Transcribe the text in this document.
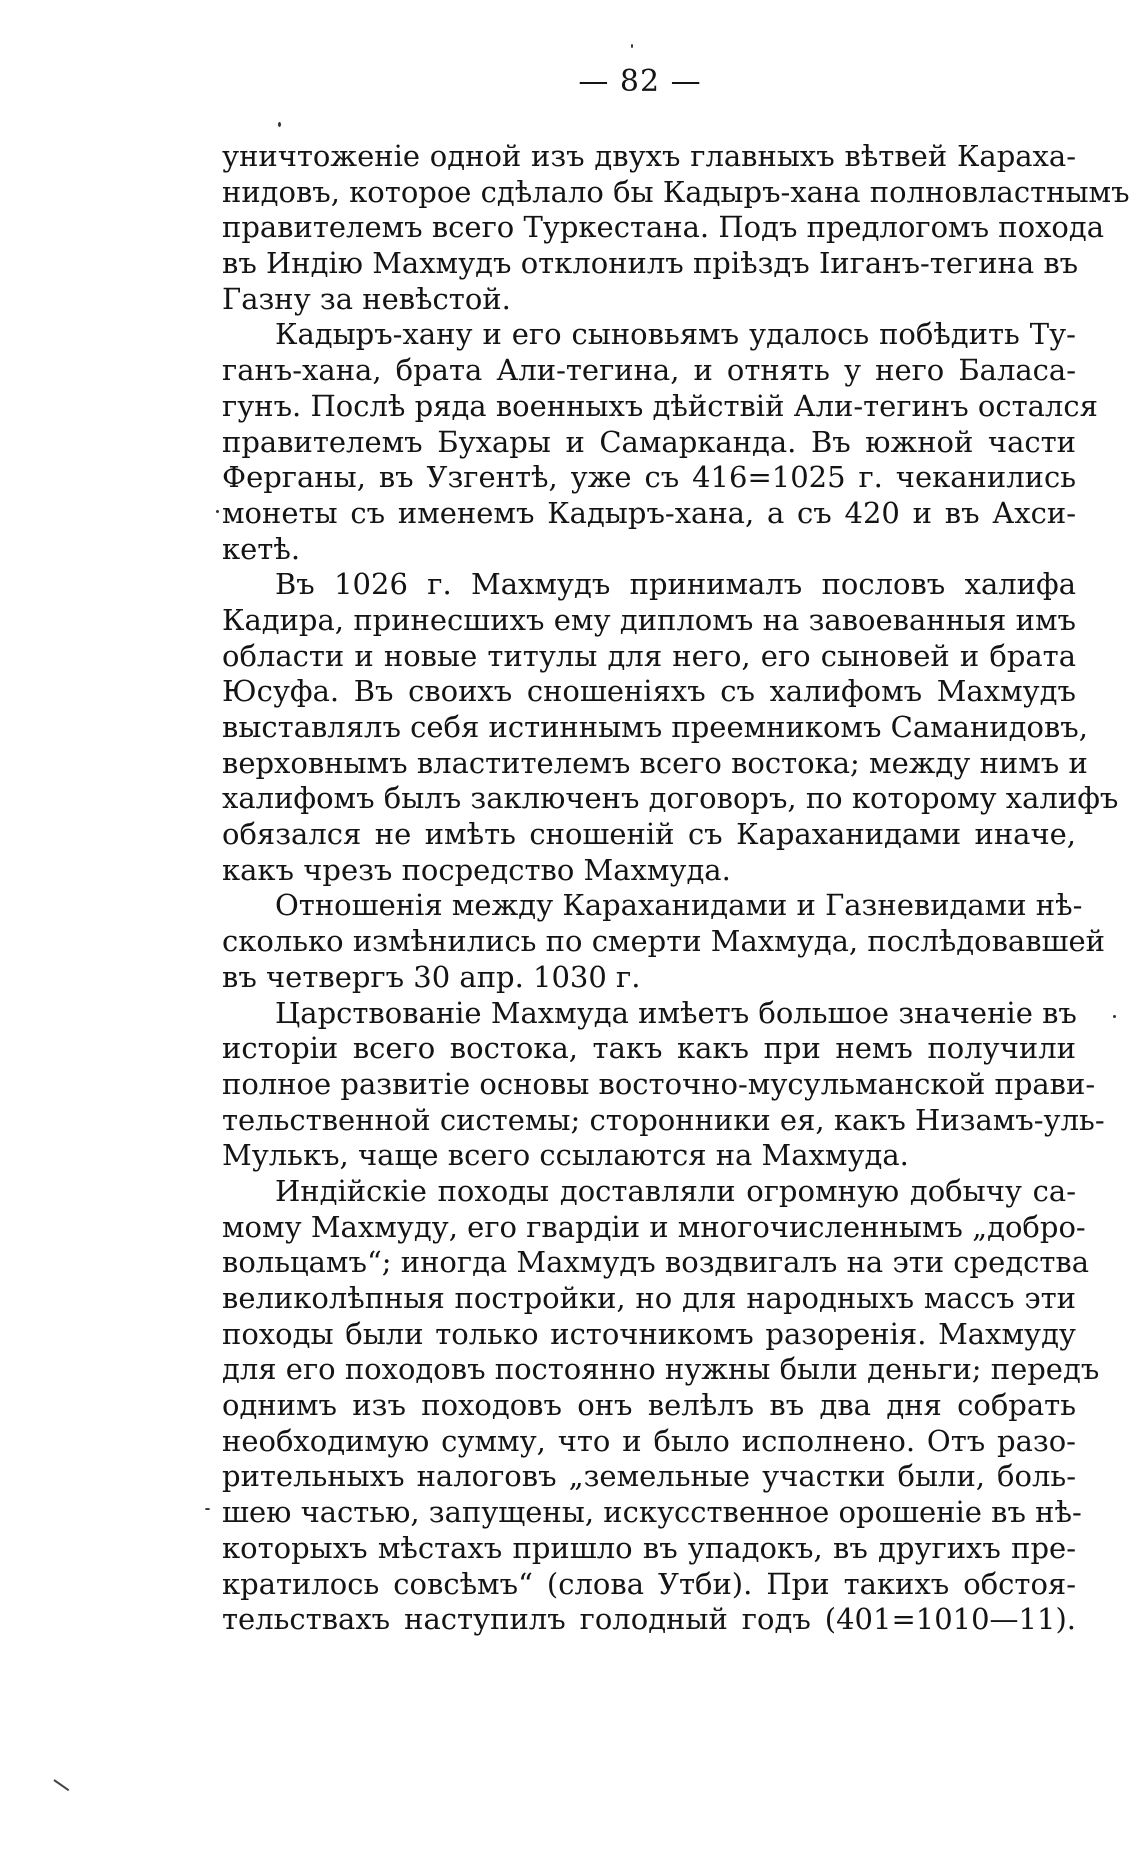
— 82 —
уничтоженіе одной изъ двухъ главныхъ вѣтвей Караха-
нидовъ, которое сдѣлало бы Кадыръ-хана полновластнымъ
правителемъ всего Туркестана. Подъ предлогомъ похода
въ Индію Махмудъ отклонилъ пріѣздъ Іиганъ-тегина въ
Газну за невѣстой.
Кадыръ-хану и его сыновьямъ удалось побѣдить Ту-
ганъ-хана, брата Али-тегина, и отнять у него Баласа-
гунъ. Послѣ ряда военныхъ дѣйствій Али-тегинъ остался
правителемъ Бухары и Самарканда. Въ южной части
Ферганы, въ Узгентѣ, уже съ 416=1025 г. чеканились
монеты съ именемъ Кадыръ-хана, а съ 420 и въ Ахси-
кетѣ.
Въ 1026 г. Махмудъ принималъ пословъ халифа
Кадира, принесшихъ ему дипломъ на завоеванныя имъ
области и новые титулы для него, его сыновей и брата
Юсуфа. Въ своихъ сношеніяхъ съ халифомъ Махмудъ
выставлялъ себя истиннымъ преемникомъ Саманидовъ,
верховнымъ властителемъ всего востока; между нимъ и
халифомъ былъ заключенъ договоръ, по которому халифъ
обязался не имѣть сношеній съ Караханидами иначе,
какъ чрезъ посредство Махмуда.
Отношенія между Караханидами и Газневидами нѣ-
сколько измѣнились по смерти Махмуда, послѣдовавшей
въ четвергъ 30 апр. 1030 г.
Царствованіе Махмуда имѣетъ большое значеніе въ
исторіи всего востока, такъ какъ при немъ получили
полное развитіе основы восточно-мусульманской прави-
тельственной системы; сторонники ея, какъ Низамъ-уль-
Мулькъ, чаще всего ссылаются на Махмуда.
Индійскіе походы доставляли огромную добычу са-
мому Махмуду, его гвардіи и многочисленнымъ „добро-
вольцамъ“; иногда Махмудъ воздвигалъ на эти средства
великолѣпныя постройки, но для народныхъ массъ эти
походы были только источникомъ разоренія. Махмуду
для его походовъ постоянно нужны были деньги; передъ
однимъ изъ походовъ онъ велѣлъ въ два дня собрать
необходимую сумму, что и было исполнено. Отъ разо-
рительныхъ налоговъ „земельные участки были, боль-
шею частью, запущены, искусственное орошеніе въ нѣ-
которыхъ мѣстахъ пришло въ упадокъ, въ другихъ пре-
кратилось совсѣмъ“ (слова Утби). При такихъ обстоя-
тельствахъ наступилъ голодный годъ (401=1010—11).
